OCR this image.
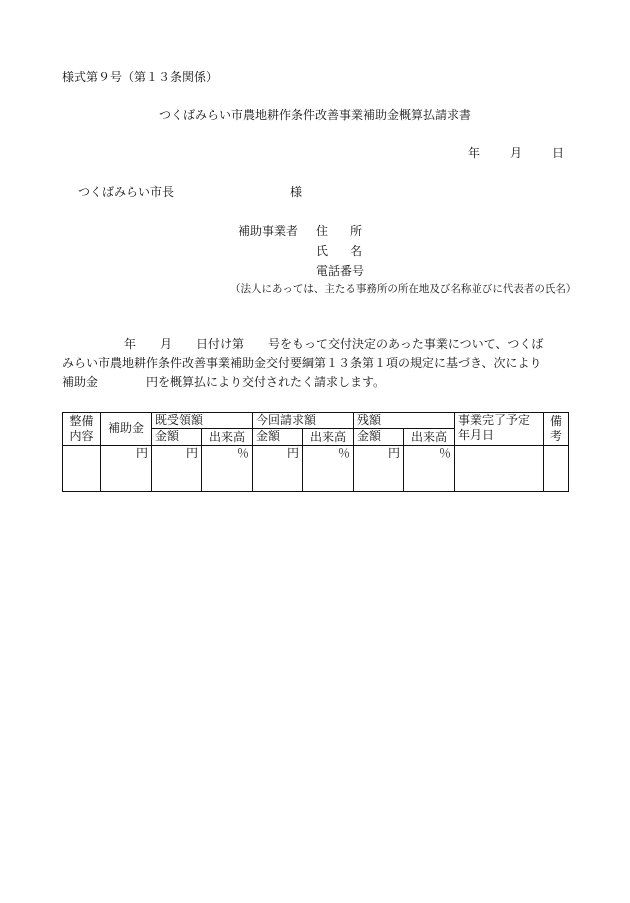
様式第９号（第１３条関係）
つくばみらい市農地耕作条件改善事業補助金概算払請求書
年 月 日
つくばみらい市長	様
補助事業者 住 所
氏 名
電話番号
（法人にあっては、主たる事務所の所在地及び名称並びに代表者の氏名）

年　　月　　日付け第　　号をもって交付決定のあった事業について、つくば

みらい市農地耕作条件改善事業補助金交付要綱第１３条第１項の規定に基づき、次により

補助金　　　　円を概算払により交付されたく請求します。

整備内容	補助金	既受領額		今回請求額		残額		事業完了予定年月日	備考
		金額	出来高	金額	出来高	金額	出来高		
	円	円	％	円	％	円	％		
